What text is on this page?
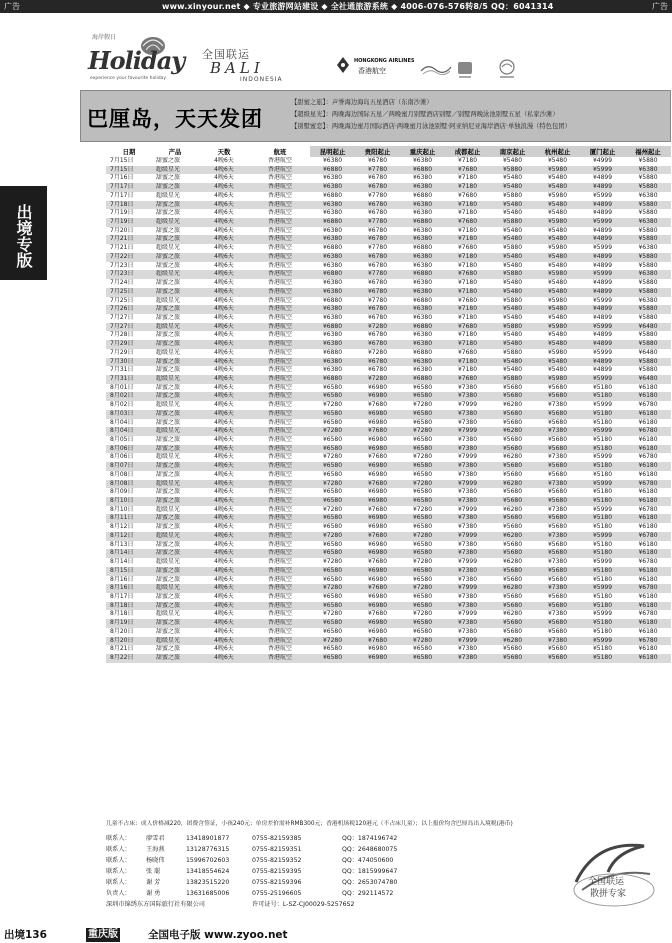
广告	www.xinyour.net ◆ 专业旅游网站建设 ◆ 全社通旅游系统 ◆ 4006-076-576转8/5 QQ：6041314	广告
出境专版
海岸假日
Holiday
experience your favourite holiday
全国联运
BALI
INDONESIA
HONGKONG AIRLINES
香港航空
巴厘岛，天天发团
【甜蜜之旅】：声誉海边海岛五星酒店（东南沙滩）
【超级星光】：两晚海边国际五星／两晚蜜月别墅酒店别墅／别墅两晚泳池别墅五星（私家沙滩）
【别墅蜜恋】：两晚海边蜜月国际酒店·两晚蜜月泳池别墅·阿亚纳尼亚海岸酒店·单独浪漫（特色包团）
日期	产品	天数	航班	昆明起止	贵阳起止	重庆起止	成都起止	南京起止	杭州起止	厦门起止	福州起止
7月15日	甜蜜之旅	4晚6天	香港航空	¥6380	¥6780	¥6380	¥7180	¥5480	¥5480	¥4999	¥5880
7月15日	超级星光	4晚6天	香港航空	¥6880	¥7780	¥6880	¥7680	¥5880	¥5980	¥5999	¥6380
7月16日	甜蜜之旅	4晚6天	香港航空	¥6380	¥6780	¥6380	¥7180	¥5480	¥5480	¥4899	¥5880
7月17日	甜蜜之旅	4晚6天	香港航空	¥6380	¥6780	¥6380	¥7180	¥5480	¥5480	¥4899	¥5880
7月17日	超级星光	4晚6天	香港航空	¥6880	¥7780	¥6880	¥7680	¥5880	¥5980	¥5999	¥6380
7月18日	甜蜜之旅	4晚6天	香港航空	¥6380	¥6780	¥6380	¥7180	¥5480	¥5480	¥4899	¥5880
7月19日	甜蜜之旅	4晚6天	香港航空	¥6380	¥6780	¥6380	¥7180	¥5480	¥5480	¥4899	¥5880
7月19日	超级星光	4晚6天	香港航空	¥6880	¥7780	¥6880	¥7680	¥5880	¥5980	¥5999	¥6380
7月20日	甜蜜之旅	4晚6天	香港航空	¥6380	¥6780	¥6380	¥7180	¥5480	¥5480	¥4899	¥5880
7月21日	甜蜜之旅	4晚6天	香港航空	¥6380	¥6780	¥6380	¥7180	¥5480	¥5480	¥4899	¥5880
7月21日	超级星光	4晚6天	香港航空	¥6880	¥7780	¥6880	¥7680	¥5880	¥5980	¥5999	¥6380
7月22日	甜蜜之旅	4晚6天	香港航空	¥6380	¥6780	¥6380	¥7180	¥5480	¥5480	¥4899	¥5880
7月23日	甜蜜之旅	4晚6天	香港航空	¥6380	¥6780	¥6380	¥7180	¥5480	¥5480	¥4899	¥5880
7月23日	超级星光	4晚6天	香港航空	¥6880	¥7780	¥6880	¥7680	¥5880	¥5980	¥5999	¥6380
7月24日	甜蜜之旅	4晚6天	香港航空	¥6380	¥6780	¥6380	¥7180	¥5480	¥5480	¥4899	¥5880
7月25日	甜蜜之旅	4晚6天	香港航空	¥6380	¥6780	¥6380	¥7180	¥5480	¥5480	¥4899	¥5880
7月25日	超级星光	4晚6天	香港航空	¥6880	¥7780	¥6880	¥7680	¥5880	¥5980	¥5999	¥6380
7月26日	甜蜜之旅	4晚6天	香港航空	¥6380	¥6780	¥6380	¥7180	¥5480	¥5480	¥4899	¥5880
7月27日	甜蜜之旅	4晚6天	香港航空	¥6380	¥6780	¥6380	¥7180	¥5480	¥5480	¥4899	¥5880
7月27日	超级星光	4晚6天	香港航空	¥6880	¥7280	¥6880	¥7680	¥5880	¥5980	¥5999	¥6480
7月28日	甜蜜之旅	4晚6天	香港航空	¥6380	¥6780	¥6380	¥7180	¥5480	¥5480	¥4899	¥5880
7月29日	甜蜜之旅	4晚6天	香港航空	¥6380	¥6780	¥6380	¥7180	¥5480	¥5480	¥4899	¥5880
7月29日	超级星光	4晚6天	香港航空	¥6880	¥7280	¥6880	¥7680	¥5880	¥5980	¥5999	¥6480
7月30日	甜蜜之旅	4晚6天	香港航空	¥6380	¥6780	¥6380	¥7180	¥5480	¥5480	¥4899	¥5880
7月31日	甜蜜之旅	4晚6天	香港航空	¥6380	¥6780	¥6380	¥7180	¥5480	¥5480	¥4899	¥5880
7月31日	超级星光	4晚6天	香港航空	¥6880	¥7280	¥6880	¥7680	¥5880	¥5980	¥5999	¥6480
8月01日	甜蜜之旅	4晚6天	香港航空	¥6580	¥6980	¥6580	¥7380	¥5680	¥5680	¥5180	¥6180
8月02日	甜蜜之旅	4晚6天	香港航空	¥6580	¥6980	¥6580	¥7380	¥5680	¥5680	¥5180	¥6180
8月02日	超级星光	4晚6天	香港航空	¥7280	¥7680	¥7280	¥7999	¥6280	¥7380	¥5999	¥6780
8月03日	甜蜜之旅	4晚6天	香港航空	¥6580	¥6980	¥6580	¥7380	¥5680	¥5680	¥5180	¥6180
8月04日	甜蜜之旅	4晚6天	香港航空	¥6580	¥6980	¥6580	¥7380	¥5680	¥5680	¥5180	¥6180
8月04日	超级星光	4晚6天	香港航空	¥7280	¥7680	¥7280	¥7999	¥6280	¥7380	¥5999	¥6780
8月05日	甜蜜之旅	4晚6天	香港航空	¥6580	¥6980	¥6580	¥7380	¥5680	¥5680	¥5180	¥6180
8月06日	甜蜜之旅	4晚6天	香港航空	¥6580	¥6980	¥6580	¥7380	¥5680	¥5680	¥5180	¥6180
8月06日	超级星光	4晚6天	香港航空	¥7280	¥7680	¥7280	¥7999	¥6280	¥7380	¥5999	¥6780
8月07日	甜蜜之旅	4晚6天	香港航空	¥6580	¥6980	¥6580	¥7380	¥5680	¥5680	¥5180	¥6180
8月08日	甜蜜之旅	4晚6天	香港航空	¥6580	¥6980	¥6580	¥7380	¥5680	¥5680	¥5180	¥6180
8月08日	超级星光	4晚6天	香港航空	¥7280	¥7680	¥7280	¥7999	¥6280	¥7380	¥5999	¥6780
8月09日	甜蜜之旅	4晚6天	香港航空	¥6580	¥6980	¥6580	¥7380	¥5680	¥5680	¥5180	¥6180
8月10日	甜蜜之旅	4晚6天	香港航空	¥6580	¥6980	¥6580	¥7380	¥5680	¥5680	¥5180	¥6180
8月10日	超级星光	4晚6天	香港航空	¥7280	¥7680	¥7280	¥7999	¥6280	¥7380	¥5999	¥6780
8月11日	甜蜜之旅	4晚6天	香港航空	¥6580	¥6980	¥6580	¥7380	¥5680	¥5680	¥5180	¥6180
8月12日	甜蜜之旅	4晚6天	香港航空	¥6580	¥6980	¥6580	¥7380	¥5680	¥5680	¥5180	¥6180
8月12日	超级星光	4晚6天	香港航空	¥7280	¥7680	¥7280	¥7999	¥6280	¥7380	¥5999	¥6780
8月13日	甜蜜之旅	4晚6天	香港航空	¥6580	¥6980	¥6580	¥7380	¥5680	¥5680	¥5180	¥6180
8月14日	甜蜜之旅	4晚6天	香港航空	¥6580	¥6980	¥6580	¥7380	¥5680	¥5680	¥5180	¥6180
8月14日	超级星光	4晚6天	香港航空	¥7280	¥7680	¥7280	¥7999	¥6280	¥7380	¥5999	¥6780
8月15日	甜蜜之旅	4晚6天	香港航空	¥6580	¥6980	¥6580	¥7380	¥5680	¥5680	¥5180	¥6180
8月16日	甜蜜之旅	4晚6天	香港航空	¥6580	¥6980	¥6580	¥7380	¥5680	¥5680	¥5180	¥6180
8月16日	超级星光	4晚6天	香港航空	¥7280	¥7680	¥7280	¥7999	¥6280	¥7380	¥5999	¥6780
8月17日	甜蜜之旅	4晚6天	香港航空	¥6580	¥6980	¥6580	¥7380	¥5680	¥5680	¥5180	¥6180
8月18日	甜蜜之旅	4晚6天	香港航空	¥6580	¥6980	¥6580	¥7380	¥5680	¥5680	¥5180	¥6180
8月18日	超级星光	4晚6天	香港航空	¥7280	¥7680	¥7280	¥7999	¥6280	¥7380	¥5999	¥6780
8月19日	甜蜜之旅	4晚6天	香港航空	¥6580	¥6980	¥6580	¥7380	¥5680	¥5680	¥5180	¥6180
8月20日	甜蜜之旅	4晚6天	香港航空	¥6580	¥6980	¥6580	¥7380	¥5680	¥5680	¥5180	¥6180
8月20日	超级星光	4晚6天	香港航空	¥7280	¥7680	¥7280	¥7999	¥6280	¥7380	¥5999	¥6780
8月21日	甜蜜之旅	4晚6天	香港航空	¥6580	¥6980	¥6580	¥7380	¥5680	¥5680	¥5180	¥6180
8月22日	甜蜜之旅	4晚6天	香港航空	¥6580	¥6980	¥6580	¥7380	¥5680	¥5680	¥5180	¥6180
儿童不占床：成人价格减220，团费含签证，小孩240元；单房差价需补RMB300元；香港机场税120港元（不占床儿童）；以上报价均含巴厘岛出入境税(港币)
联系人：	廖雪君	13418901877	0755-82159385	QQ：1874196742
联系人：	王海燕	13128776315	0755-82159351	QQ：2648680075
联系人：	杨晓伟	15996702603	0755-82159352	QQ：474050600
联系人：	张 聪	13418554624	0755-82159395	QQ：1815999647
联系人：	谢 芳	13823515220	0755-82159396	QQ：2653074780
负责人：	谢 勇	13631685006	0755-25196605	QQ：292114572
深圳市锦绣东方国际旅行社有限公司	许可证号：L-SZ-CJ00029-52576S2
全国联运
散拼专家
出境136	重庆版	全国电子版 www.zyoo.net
